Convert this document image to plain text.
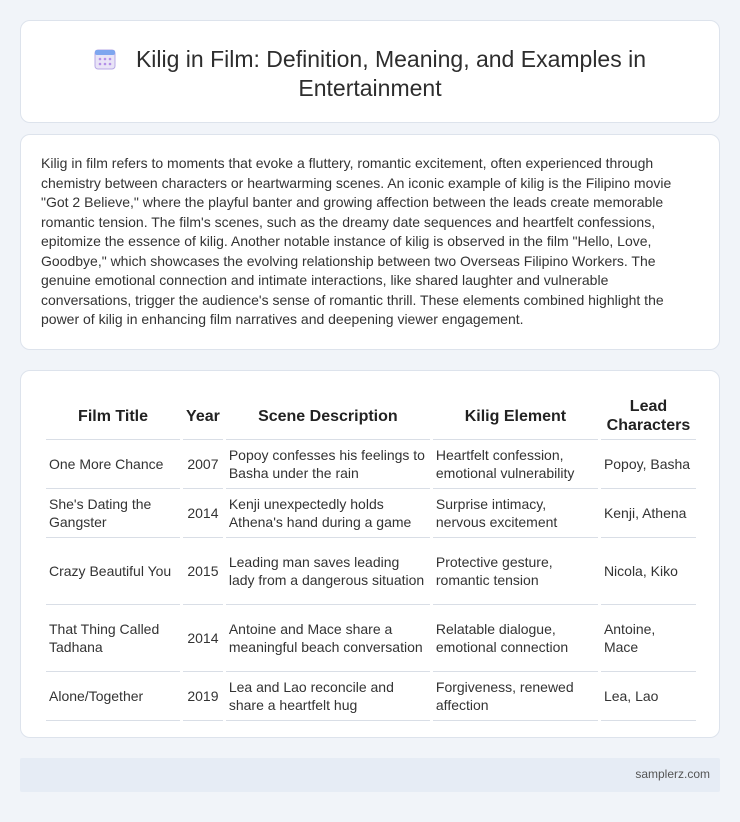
Kilig in Film: Definition, Meaning, and Examples in Entertainment

Kilig in film refers to moments that evoke a fluttery, romantic excitement, often experienced through chemistry between characters or heartwarming scenes. An iconic example of kilig is the Filipino movie "Got 2 Believe," where the playful banter and growing affection between the leads create memorable romantic tension. The film's scenes, such as the dreamy date sequences and heartfelt confessions, epitomize the essence of kilig. Another notable instance of kilig is observed in the film "Hello, Love, Goodbye," which showcases the evolving relationship between two Overseas Filipino Workers. The genuine emotional connection and intimate interactions, like shared laughter and vulnerable conversations, trigger the audience's sense of romantic thrill. These elements combined highlight the power of kilig in enhancing film narratives and deepening viewer engagement.

Film Title	Year	Scene Description	Kilig Element	Lead Characters
One More Chance	2007	Popoy confesses his feelings to Basha under the rain	Heartfelt confession, emotional vulnerability	Popoy, Basha
She's Dating the Gangster	2014	Kenji unexpectedly holds Athena's hand during a game	Surprise intimacy, nervous excitement	Kenji, Athena
Crazy Beautiful You	2015	Leading man saves leading lady from a dangerous situation	Protective gesture, romantic tension	Nicola, Kiko
That Thing Called Tadhana	2014	Antoine and Mace share a meaningful beach conversation	Relatable dialogue, emotional connection	Antoine, Mace
Alone/Together	2019	Lea and Lao reconcile and share a heartfelt hug	Forgiveness, renewed affection	Lea, Lao
samplerz.com
